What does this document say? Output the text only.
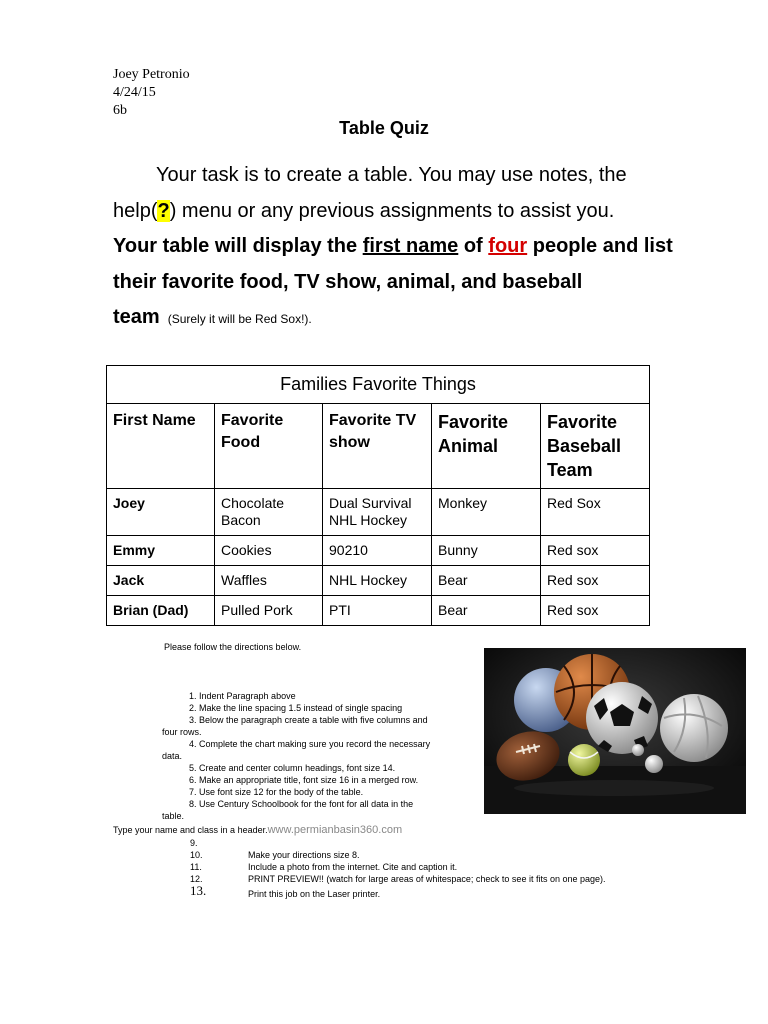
Joey Petronio
4/24/15
6b
Table Quiz

Your task is to create a table. You may use notes, the

help(?) menu or any previous assignments to assist you.

Your table will display the first name of four people and list their favorite food, TV show, animal, and baseball team (Surely it will be Red Sox!).

Families Favorite Things				
First Name	Favorite Food	Favorite TV show	Favorite Animal	Favorite Baseball Team
Joey	Chocolate Bacon	Dual Survival NHL Hockey	Monkey	Red Sox
Emmy	Cookies	90210	Bunny	Red sox
Jack	Waffles	NHL Hockey	Bear	Red sox
Brian (Dad)	Pulled Pork	PTI	Bear	Red sox
Please follow the directions below.
1. Indent Paragraph above
2. Make the line spacing 1.5 instead of single spacing
3. Below the paragraph create a table with five columns and
four rows.
4. Complete the chart making sure you record the necessary
data.
5. Create and center column headings, font size 14.
6. Make an appropriate title, font size 16 in a merged row.
7. Use font size 12 for the body of the table.
8. Use Century Schoolbook for the font for all data in the
table.
Type your name and class in a header.www.permianbasin360.com
9.
10.	Make your directions size 8.
11.	Include a photo from the internet. Cite and caption it.
12.	PRINT PREVIEW!! (watch for large areas of whitespace; check to see it fits on one page).
13.	Print this job on the Laser printer.
